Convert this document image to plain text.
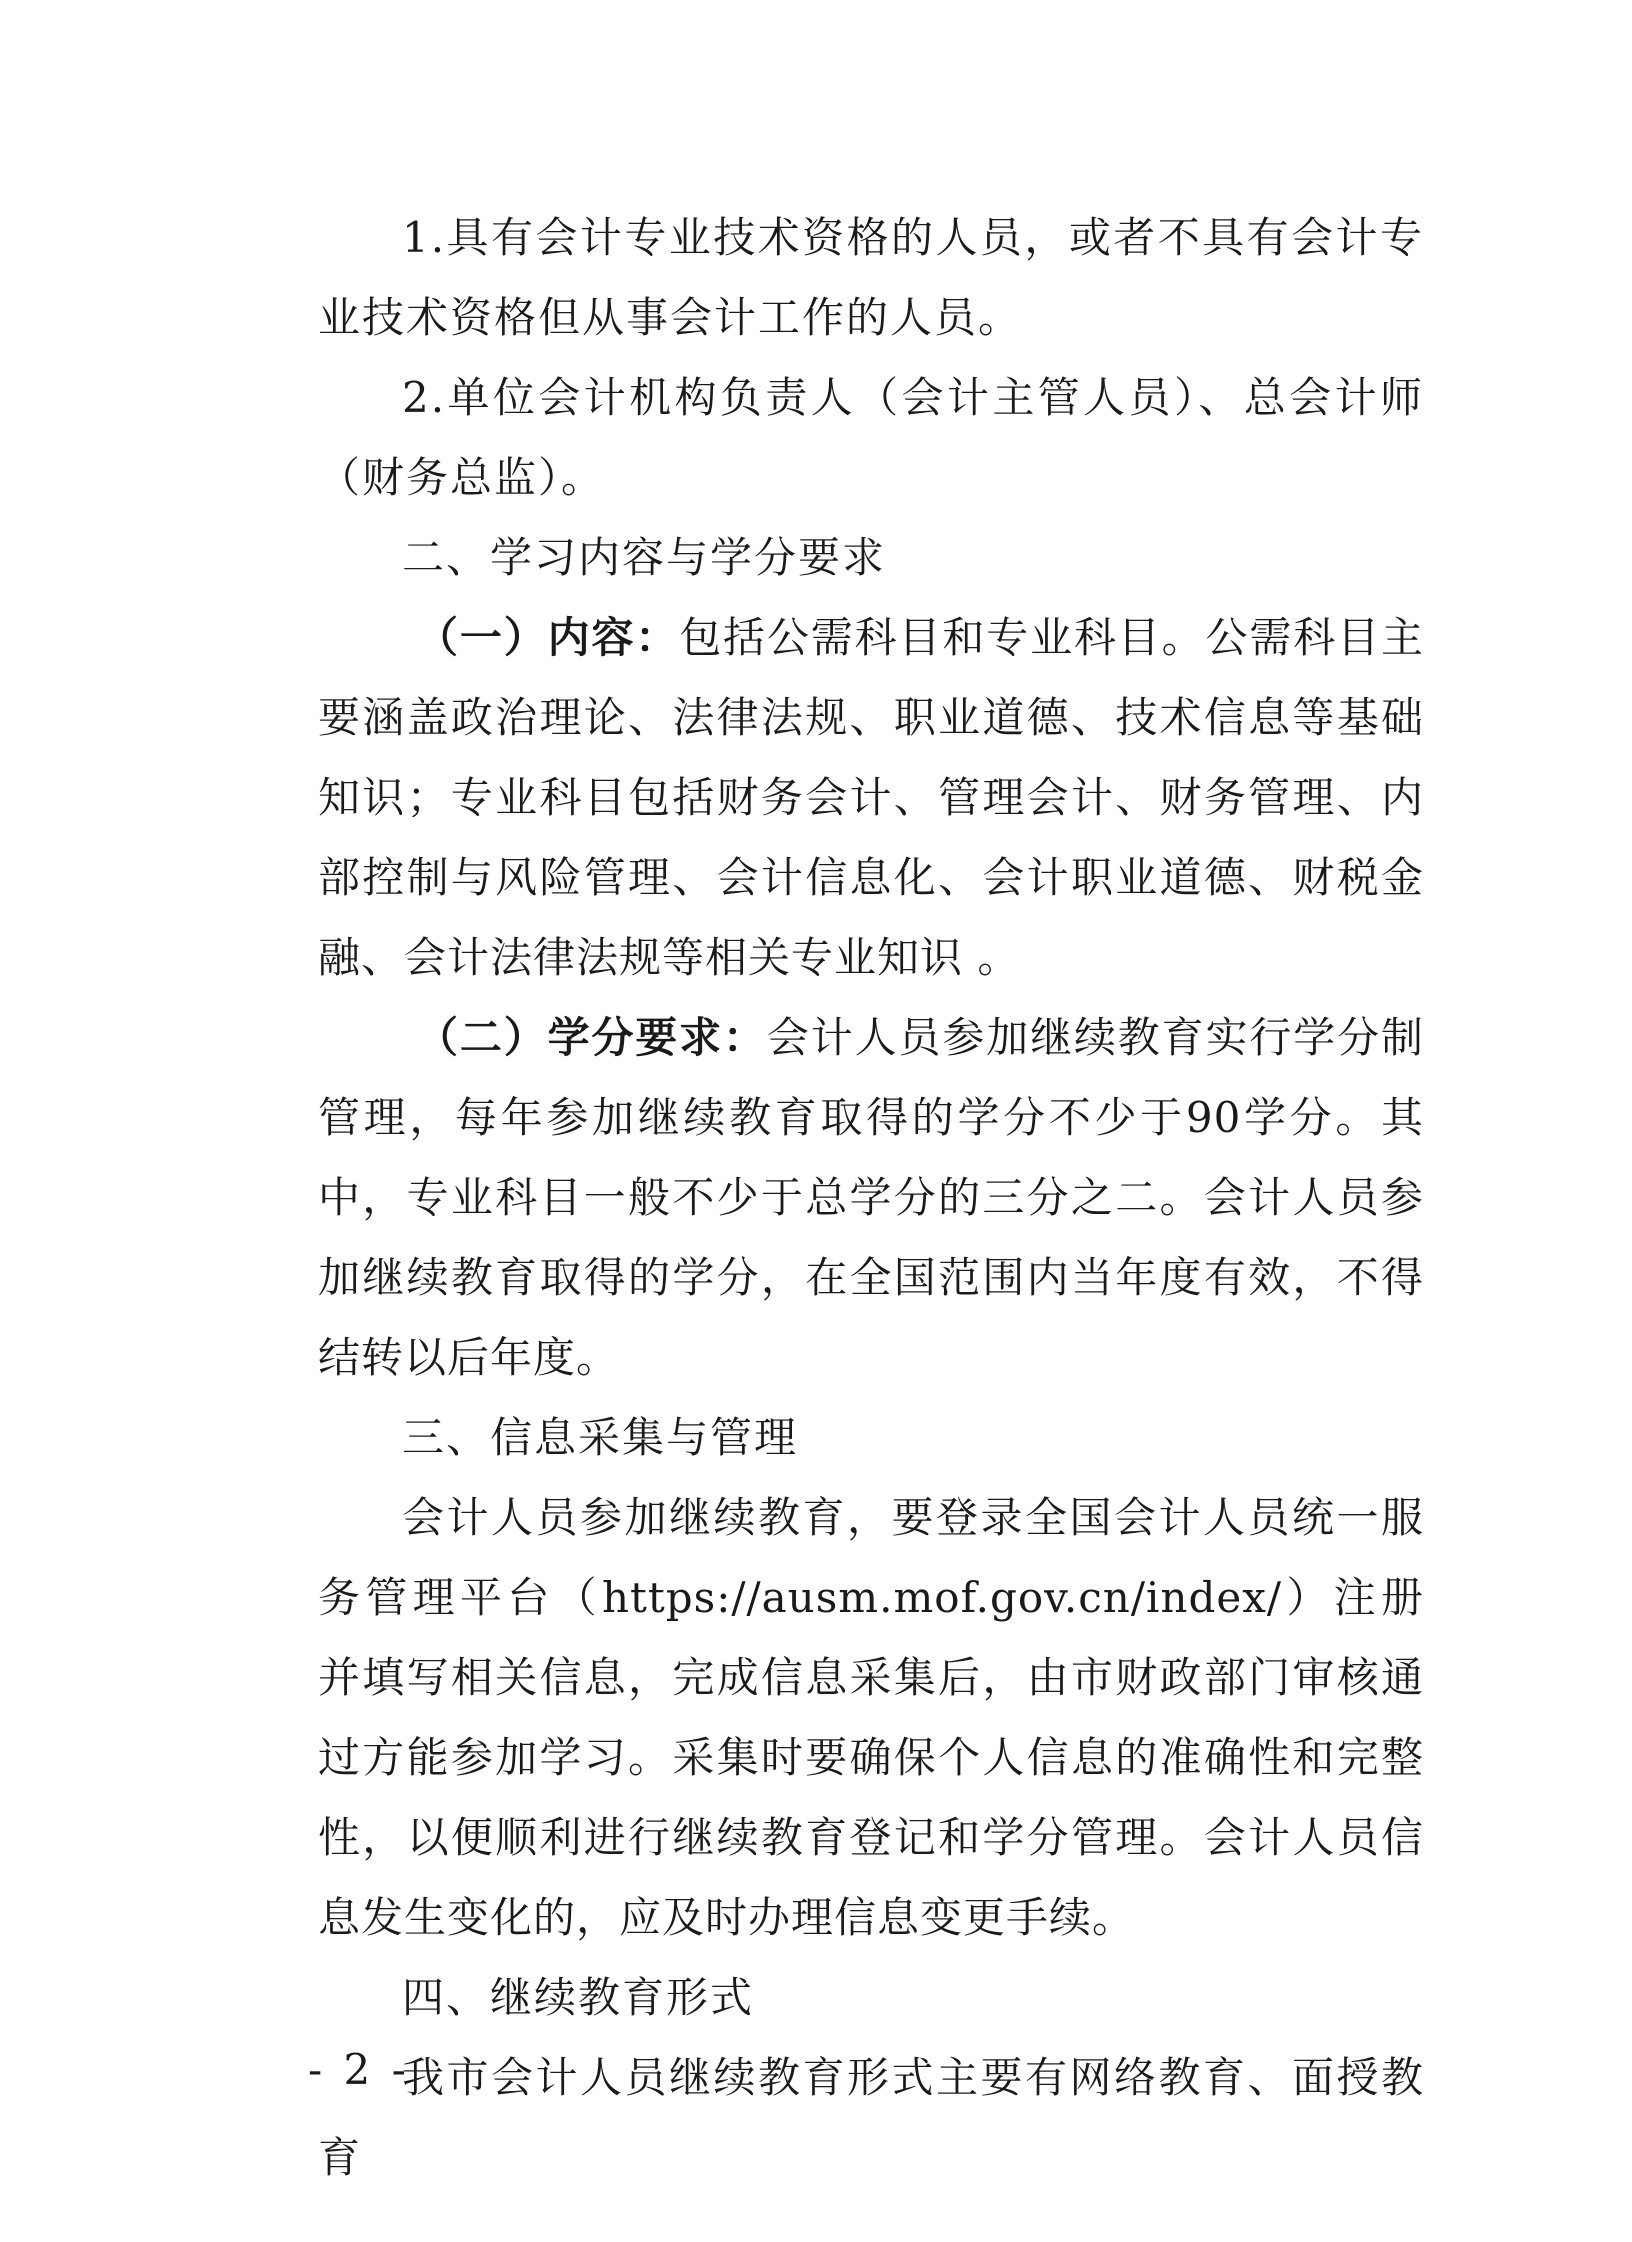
1.具有会计专业技术资格的人员，或者不具有会计专业技术资格但从事会计工作的人员。

2.单位会计机构负责人（会计主管人员）、总会计师（财务总监）。

二、学习内容与学分要求

（一）内容：包括公需科目和专业科目。公需科目主要涵盖政治理论、法律法规、职业道德、技术信息等基础知识；专业科目包括财务会计、管理会计、财务管理、内部控制与风险管理、会计信息化、会计职业道德、财税金融、会计法律法规等相关专业知识 。

（二）学分要求：会计人员参加继续教育实行学分制管理，每年参加继续教育取得的学分不少于90学分。其中，专业科目一般不少于总学分的三分之二。会计人员参加继续教育取得的学分，在全国范围内当年度有效，不得结转以后年度。

三、信息采集与管理

会计人员参加继续教育，要登录全国会计人员统一服务管理平台（https://ausm.mof.gov.cn/index/）注册并填写相关信息，完成信息采集后，由市财政部门审核通过方能参加学习。采集时要确保个人信息的准确性和完整性，以便顺利进行继续教育登记和学分管理。会计人员信息发生变化的，应及时办理信息变更手续。

四、继续教育形式

我市会计人员继续教育形式主要有网络教育、面授教育

- 2 -
